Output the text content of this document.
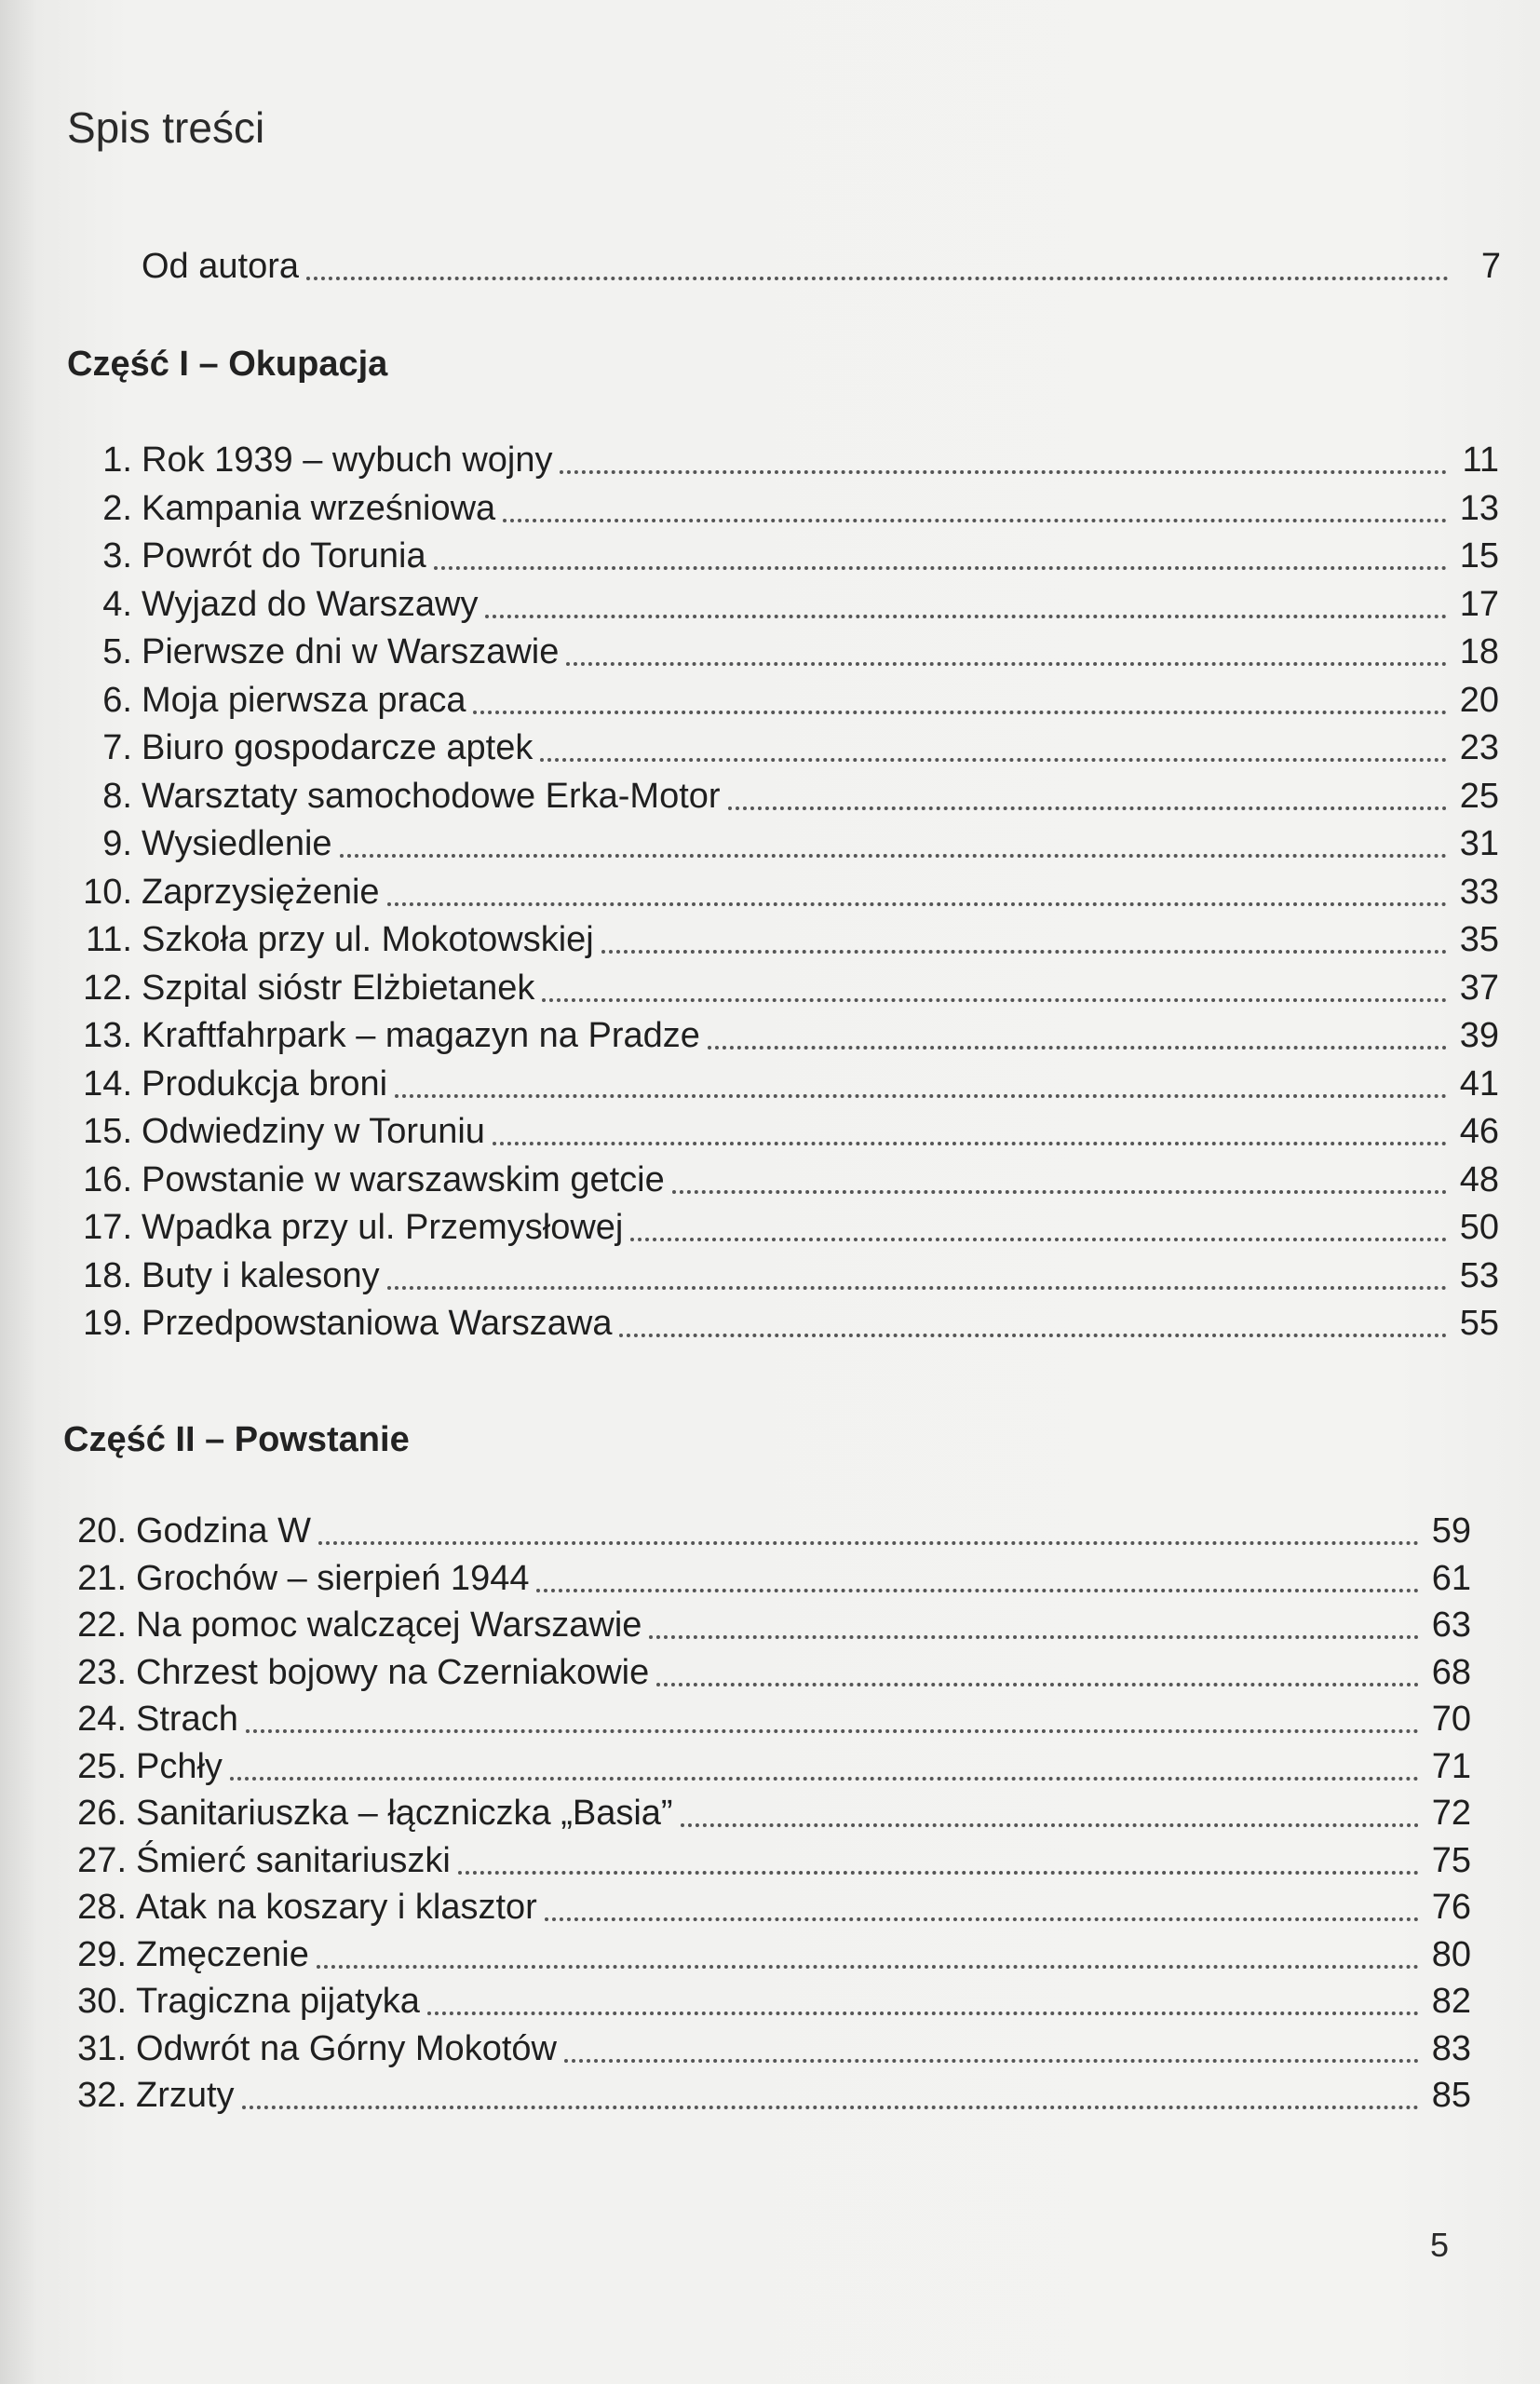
Spis treści
Od autora	7
Część I – Okupacja
1. Rok 1939 – wybuch wojny	11
2. Kampania wrześniowa	13
3. Powrót do Torunia	15
4. Wyjazd do Warszawy	17
5. Pierwsze dni w Warszawie	18
6. Moja pierwsza praca	20
7. Biuro gospodarcze aptek	23
8. Warsztaty samochodowe Erka-Motor	25
9. Wysiedlenie	31
10. Zaprzysiężenie	33
11. Szkoła przy ul. Mokotowskiej	35
12. Szpital sióstr Elżbietanek	37
13. Kraftfahrpark – magazyn na Pradze	39
14. Produkcja broni	41
15. Odwiedziny w Toruniu	46
16. Powstanie w warszawskim getcie	48
17. Wpadka przy ul. Przemysłowej	50
18. Buty i kalesony	53
19. Przedpowstaniowa Warszawa	55
Część II – Powstanie
20. Godzina W	59
21. Grochów – sierpień 1944	61
22. Na pomoc walczącej Warszawie	63
23. Chrzest bojowy na Czerniakowie	68
24. Strach	70
25. Pchły	71
26. Sanitariuszka – łączniczka „Basia”	72
27. Śmierć sanitariuszki	75
28. Atak na koszary i klasztor	76
29. Zmęczenie	80
30. Tragiczna pijatyka	82
31. Odwrót na Górny Mokotów	83
32. Zrzuty	85
5
